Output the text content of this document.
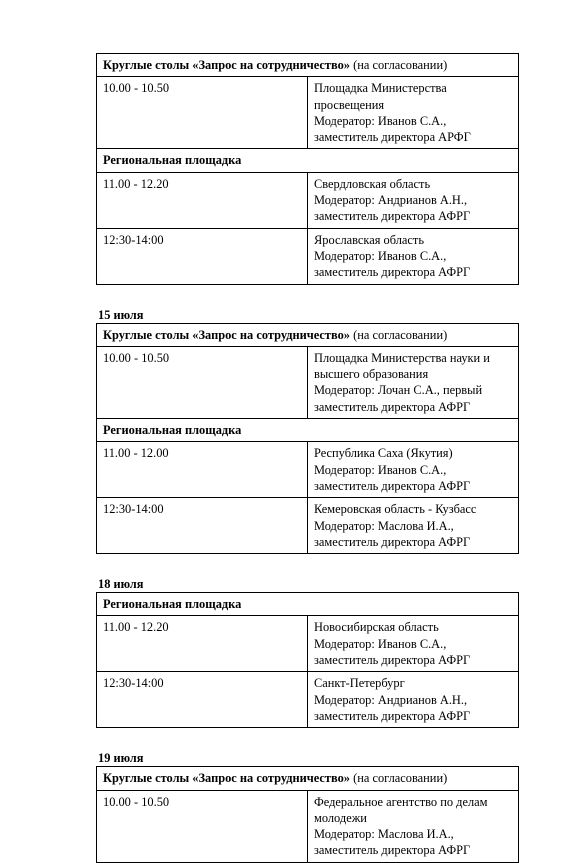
Круглые столы «Запрос на сотрудничество» (на согласовании)	
10.00 - 10.50	Площадка Министерства просвещения
Модератор: Иванов С.А., заместитель директора АРФГ

Региональная площадка	
11.00 - 12.20	Свердловская область
Модератор: Андрианов А.Н., заместитель директора АФРГ

12:30-14:00	Ярославская область
Модератор: Иванов С.А., заместитель директора АФРГ
15 июля
Круглые столы «Запрос на сотрудничество» (на согласовании)	
10.00 - 10.50	Площадка Министерства науки и высшего образования
Модератор: Лочан С.А., первый заместитель директора АФРГ

Региональная площадка	
11.00 - 12.00	Республика Саха (Якутия)
Модератор: Иванов С.А., заместитель директора АФРГ

12:30-14:00	Кемеровская область - Кузбасс
Модератор: Маслова И.А., заместитель директора АФРГ
18 июля
Региональная площадка	
11.00 - 12.20	Новосибирская область
Модератор: Иванов С.А., заместитель директора АФРГ

12:30-14:00	Санкт-Петербург
Модератор: Андрианов А.Н., заместитель директора АФРГ
19 июля
Круглые столы «Запрос на сотрудничество» (на согласовании)
10.00 - 10.50	Федеральное агентство по делам молодежи
Модератор: Маслова И.А., заместитель директора АФРГ
